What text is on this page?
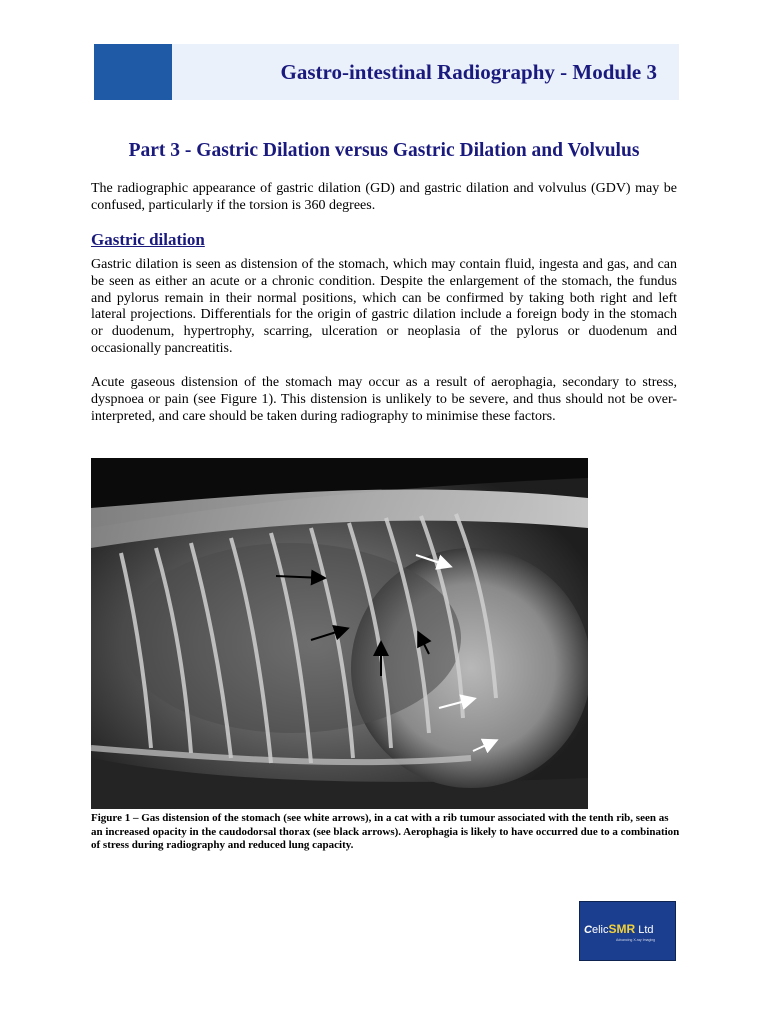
Gastro-intestinal Radiography - Module 3
Part 3 - Gastric Dilation versus Gastric Dilation and Volvulus

The radiographic appearance of gastric dilation (GD) and gastric dilation and volvulus (GDV) may be confused, particularly if the torsion is 360 degrees.

Gastric dilation

Gastric dilation is seen as distension of the stomach, which may contain fluid, ingesta and gas, and can be seen as either an acute or a chronic condition. Despite the enlargement of the stomach, the fundus and pylorus remain in their normal positions, which can be confirmed by taking both right and left lateral projections. Differentials for the origin of gastric dilation include a foreign body in the stomach or duodenum, hypertrophy, scarring, ulceration or neoplasia of the pylorus or duodenum and occasionally pancreatitis.

Acute gaseous distension of the stomach may occur as a result of aerophagia, secondary to stress, dyspnoea or pain (see Figure 1). This distension is unlikely to be severe, and thus should not be over-interpreted, and care should be taken during radiography to minimise these factors.

Figure 1 – Gas distension of the stomach (see white arrows), in a cat with a rib tumour associated with the tenth rib, seen as an increased opacity in the caudodorsal thorax (see black arrows). Aerophagia is likely to have occurred due to a combination of stress during radiography and reduced lung capacity.
CelicSMR Ltd
Advancing X-ray Imaging
